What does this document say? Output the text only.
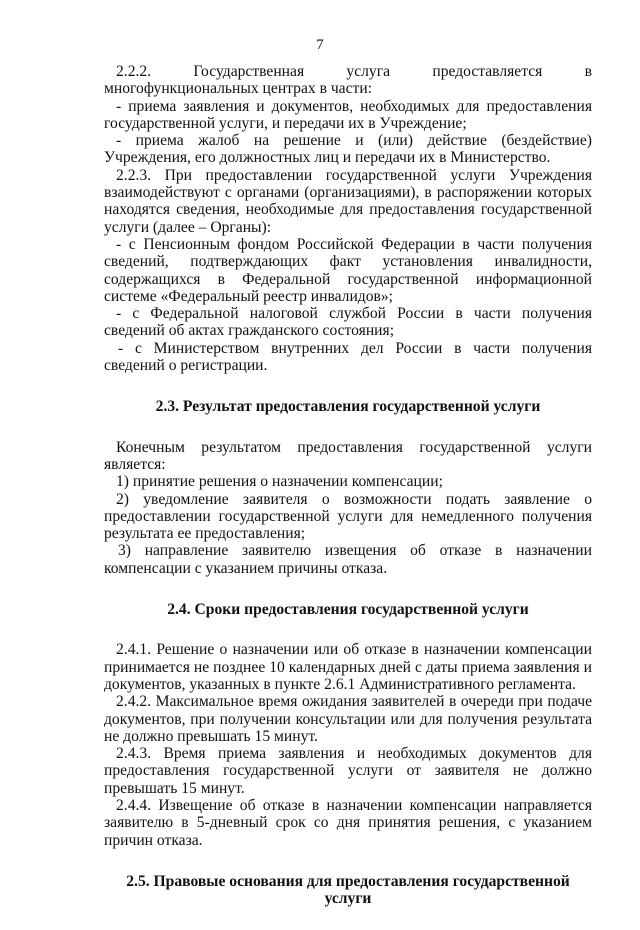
7

2.2.2. Государственная услуга предоставляется в многофункциональных центрах в части:

- приема заявления и документов, необходимых для предоставления государственной услуги, и передачи их в Учреждение;

- приема жалоб на решение и (или) действие (бездействие) Учреждения, его должностных лиц и передачи их в Министерство.

2.2.3. При предоставлении государственной услуги Учреждения взаимодействуют с органами (организациями), в распоряжении которых находятся сведения, необходимые для предоставления государственной услуги (далее – Органы):

- с Пенсионным фондом Российской Федерации в части получения сведений, подтверждающих факт установления инвалидности, содержащихся в Федеральной государственной информационной системе «Федеральный реестр инвалидов»;

- с Федеральной налоговой службой России в части получения сведений об актах гражданского состояния;

- с Министерством внутренних дел России в части получения сведений о регистрации.

2.3. Результат предоставления государственной услуги

Конечным результатом предоставления государственной услуги является:

1) принятие решения о назначении компенсации;

2) уведомление заявителя о возможности подать заявление о предоставлении государственной услуги для немедленного получения результата ее предоставления;

3) направление заявителю извещения об отказе в назначении компенсации с указанием причины отказа.

2.4. Сроки предоставления государственной услуги

2.4.1. Решение о назначении или об отказе в назначении компенсации принимается не позднее 10 календарных дней с даты приема заявления и документов, указанных в пункте 2.6.1 Административного регламента.

2.4.2. Максимальное время ожидания заявителей в очереди при подаче документов, при получении консультации или для получения результата не должно превышать 15 минут.

2.4.3. Время приема заявления и необходимых документов для предоставления государственной услуги от заявителя не должно превышать 15 минут.

2.4.4. Извещение об отказе в назначении компенсации направляется заявителю в 5-дневный срок со дня принятия решения, с указанием причин отказа.

2.5. Правовые основания для предоставления государственной услуги
